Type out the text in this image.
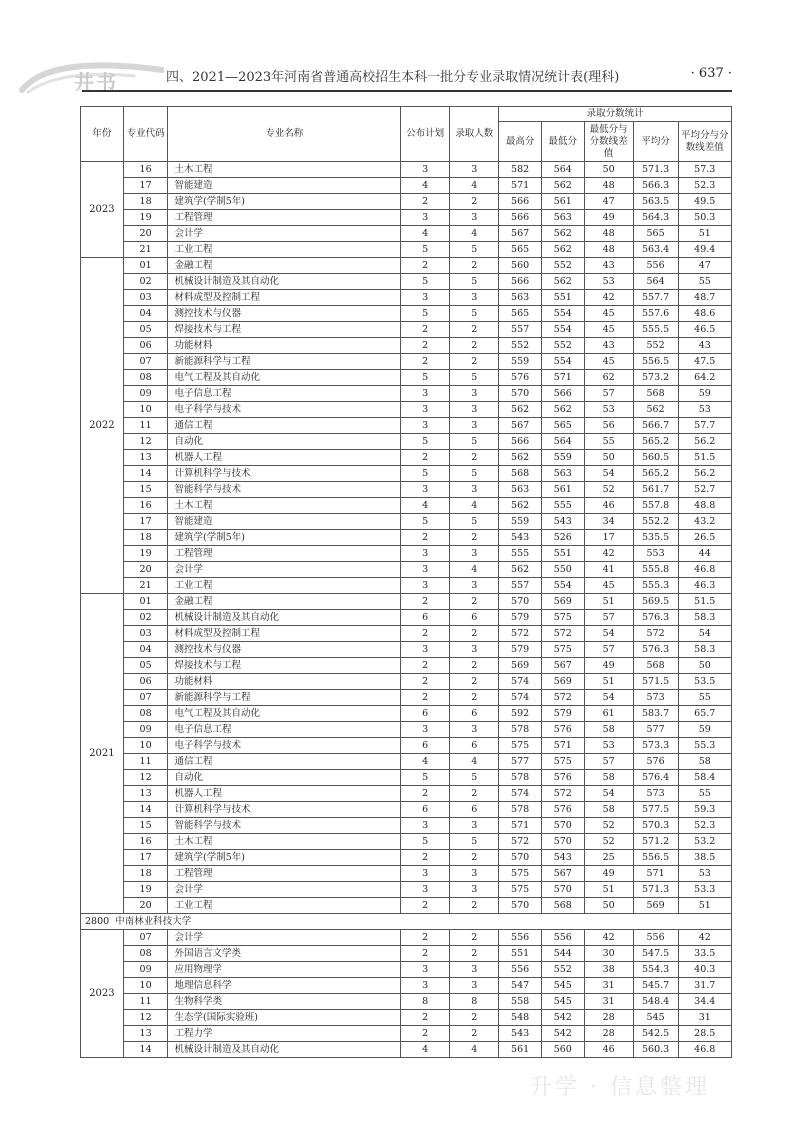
井书	四、2021—2023年河南省普通高校招生本科一批分专业录取情况统计表(理科)	· 637 ·
年份	专业代码	专业名称	公布计划	录取人数	录取分数统计				
					最高分	最低分	最低分与分数线差值	平均分	平均分与分数线差值
2023	16	土木工程	3	3	582	564	50	571.3	57.3
	17	智能建造	4	4	571	562	48	566.3	52.3
	18	建筑学(学制5年)	2	2	566	561	47	563.5	49.5
	19	工程管理	3	3	566	563	49	564.3	50.3
	20	会计学	4	4	567	562	48	565	51
	21	工业工程	5	5	565	562	48	563.4	49.4
2022	01	金融工程	2	2	560	552	43	556	47
	02	机械设计制造及其自动化	5	5	566	562	53	564	55
	03	材料成型及控制工程	3	3	563	551	42	557.7	48.7
	04	测控技术与仪器	5	5	565	554	45	557.6	48.6
	05	焊接技术与工程	2	2	557	554	45	555.5	46.5
	06	功能材料	2	2	552	552	43	552	43
	07	新能源科学与工程	2	2	559	554	45	556.5	47.5
	08	电气工程及其自动化	5	5	576	571	62	573.2	64.2
	09	电子信息工程	3	3	570	566	57	568	59
	10	电子科学与技术	3	3	562	562	53	562	53
	11	通信工程	3	3	567	565	56	566.7	57.7
	12	自动化	5	5	566	564	55	565.2	56.2
	13	机器人工程	2	2	562	559	50	560.5	51.5
	14	计算机科学与技术	5	5	568	563	54	565.2	56.2
	15	智能科学与技术	3	3	563	561	52	561.7	52.7
	16	土木工程	4	4	562	555	46	557.8	48.8
	17	智能建造	5	5	559	543	34	552.2	43.2
	18	建筑学(学制5年)	2	2	543	526	17	535.5	26.5
	19	工程管理	3	3	555	551	42	553	44
	20	会计学	3	4	562	550	41	555.8	46.8
	21	工业工程	3	3	557	554	45	555.3	46.3
2021	01	金融工程	2	2	570	569	51	569.5	51.5
	02	机械设计制造及其自动化	6	6	579	575	57	576.3	58.3
	03	材料成型及控制工程	2	2	572	572	54	572	54
	04	测控技术与仪器	3	3	579	575	57	576.3	58.3
	05	焊接技术与工程	2	2	569	567	49	568	50
	06	功能材料	2	2	574	569	51	571.5	53.5
	07	新能源科学与工程	2	2	574	572	54	573	55
	08	电气工程及其自动化	6	6	592	579	61	583.7	65.7
	09	电子信息工程	3	3	578	576	58	577	59
	10	电子科学与技术	6	6	575	571	53	573.3	55.3
	11	通信工程	4	4	577	575	57	576	58
	12	自动化	5	5	578	576	58	576.4	58.4
	13	机器人工程	2	2	574	572	54	573	55
	14	计算机科学与技术	6	6	578	576	58	577.5	59.3
	15	智能科学与技术	3	3	571	570	52	570.3	52.3
	16	土木工程	5	5	572	570	52	571.2	53.2
	17	建筑学(学制5年)	2	2	570	543	25	556.5	38.5
	18	工程管理	3	3	575	567	49	571	53
	19	会计学	3	3	575	570	51	571.3	53.3
	20	工业工程	2	2	570	568	50	569	51
2800 中南林业科技大学									
2023	07	会计学	2	2	556	556	42	556	42
	08	外国语言文学类	2	2	551	544	30	547.5	33.5
	09	应用物理学	3	3	556	552	38	554.3	40.3
	10	地理信息科学	3	3	547	545	31	545.7	31.7
	11	生物科学类	8	8	558	545	31	548.4	34.4
	12	生态学(国际实验班)	2	2	548	542	28	545	31
	13	工程力学	2	2	543	542	28	542.5	28.5
	14	机械设计制造及其自动化	4	4	561	560	46	560.3	46.8
升学 · 信息整理
